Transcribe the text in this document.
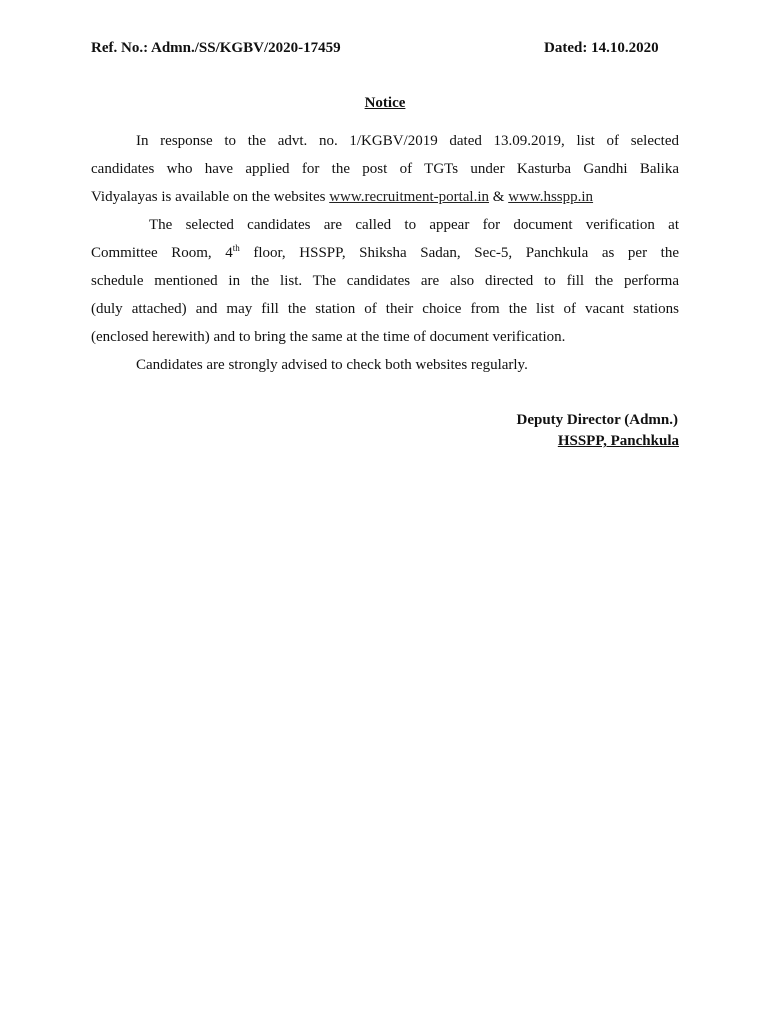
Ref. No.: Admn./SS/KGBV/2020-17459	Dated: 14.10.2020
Notice
In response to the advt. no. 1/KGBV/2019 dated 13.09.2019, list of selected
candidates who have applied for the post of TGTs under Kasturba Gandhi Balika
Vidyalayas is available on the websites www.recruitment-portal.in & www.hsspp.in
The selected candidates are called to appear for document verification at
Committee Room, 4th floor, HSSPP, Shiksha Sadan, Sec-5, Panchkula as per the
schedule mentioned in the list. The candidates are also directed to fill the performa
(duly attached) and may fill the station of their choice from the list of vacant stations
(enclosed herewith) and to bring the same at the time of document verification.
Candidates are strongly advised to check both websites regularly.
Deputy Director (Admn.)
HSSPP, Panchkula
